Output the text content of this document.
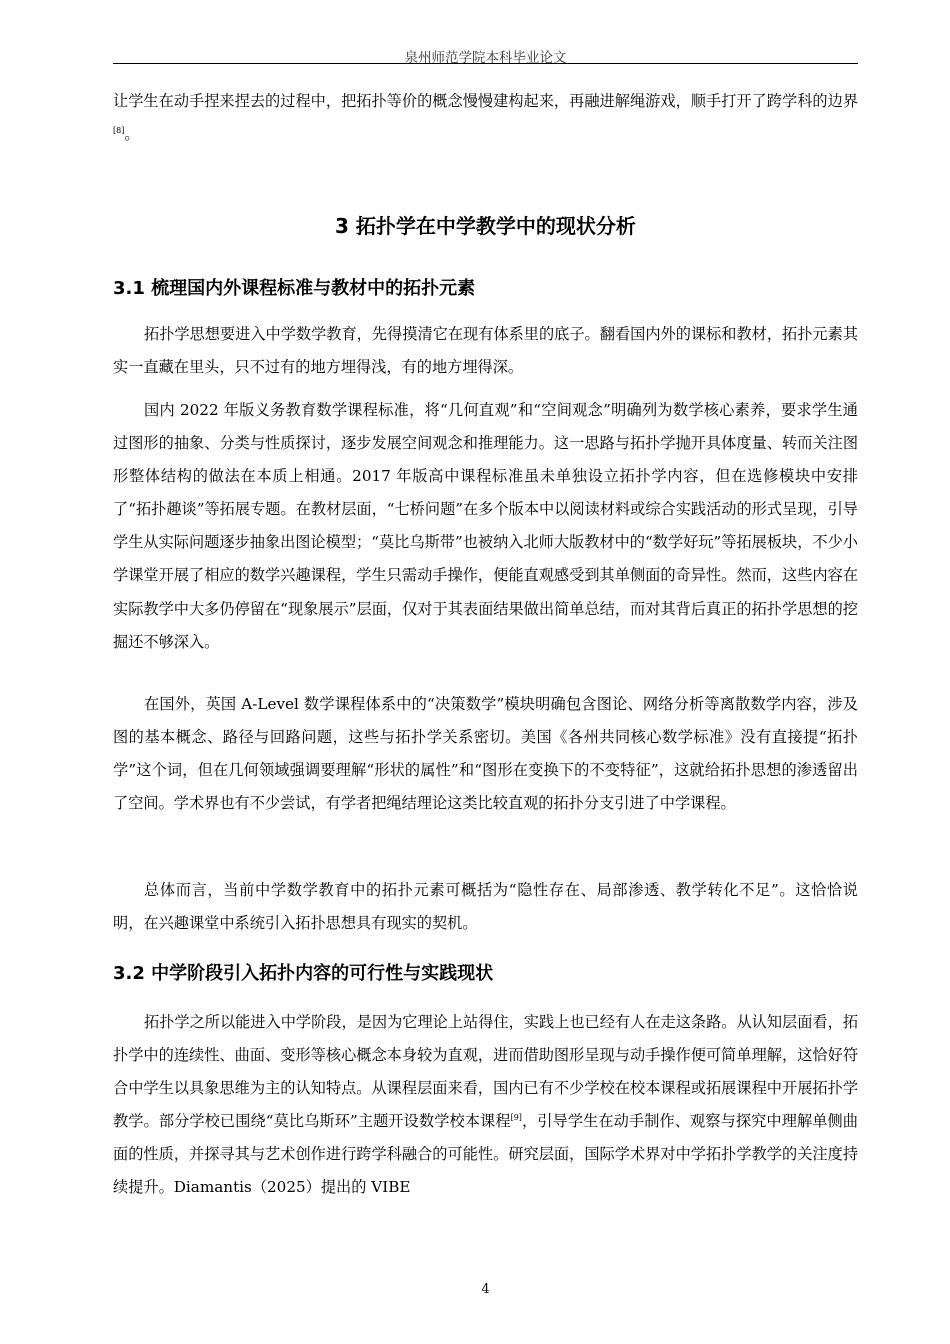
泉州师范学院本科毕业论文

让学生在动手捏来捏去的过程中，把拓扑等价的概念慢慢建构起来，再融进解绳游戏，顺手打开了跨学科的边界[8]。

3 拓扑学在中学教学中的现状分析
3.1 梳理国内外课程标准与教材中的拓扑元素

拓扑学思想要进入中学数学教育，先得摸清它在现有体系里的底子。翻看国内外的课标和教材，拓扑元素其实一直藏在里头，只不过有的地方埋得浅，有的地方埋得深。

国内 2022 年版义务教育数学课程标准，将“几何直观”和“空间观念”明确列为数学核心素养，要求学生通过图形的抽象、分类与性质探讨，逐步发展空间观念和推理能力。这一思路与拓扑学抛开具体度量、转而关注图形整体结构的做法在本质上相通。2017 年版高中课程标准虽未单独设立拓扑学内容，但在选修模块中安排了“拓扑趣谈”等拓展专题。在教材层面，“七桥问题”在多个版本中以阅读材料或综合实践活动的形式呈现，引导学生从实际问题逐步抽象出图论模型；“莫比乌斯带”也被纳入北师大版教材中的“数学好玩”等拓展板块，不少小学课堂开展了相应的数学兴趣课程，学生只需动手操作，便能直观感受到其单侧面的奇异性。然而，这些内容在实际教学中大多仍停留在“现象展示”层面，仅对于其表面结果做出简单总结，而对其背后真正的拓扑学思想的挖掘还不够深入。

在国外，英国 A-Level 数学课程体系中的“决策数学”模块明确包含图论、网络分析等离散数学内容，涉及图的基本概念、路径与回路问题，这些与拓扑学关系密切。美国《各州共同核心数学标准》没有直接提“拓扑学”这个词，但在几何领域强调要理解“形状的属性”和“图形在变换下的不变特征”，这就给拓扑思想的渗透留出了空间。学术界也有不少尝试，有学者把绳结理论这类比较直观的拓扑分支引进了中学课程。

总体而言，当前中学数学教育中的拓扑元素可概括为“隐性存在、局部渗透、教学转化不足”。这恰恰说明，在兴趣课堂中系统引入拓扑思想具有现实的契机。

3.2 中学阶段引入拓扑内容的可行性与实践现状

拓扑学之所以能进入中学阶段，是因为它理论上站得住，实践上也已经有人在走这条路。从认知层面看，拓扑学中的连续性、曲面、变形等核心概念本身较为直观，进而借助图形呈现与动手操作便可简单理解，这恰好符合中学生以具象思维为主的认知特点。从课程层面来看，国内已有不少学校在校本课程或拓展课程中开展拓扑学教学。部分学校已围绕“莫比乌斯环”主题开设数学校本课程[9]，引导学生在动手制作、观察与探究中理解单侧曲面的性质，并探寻其与艺术创作进行跨学科融合的可能性。研究层面，国际学术界对中学拓扑学教学的关注度持续提升。Diamantis（2025）提出的 VIBE

4
